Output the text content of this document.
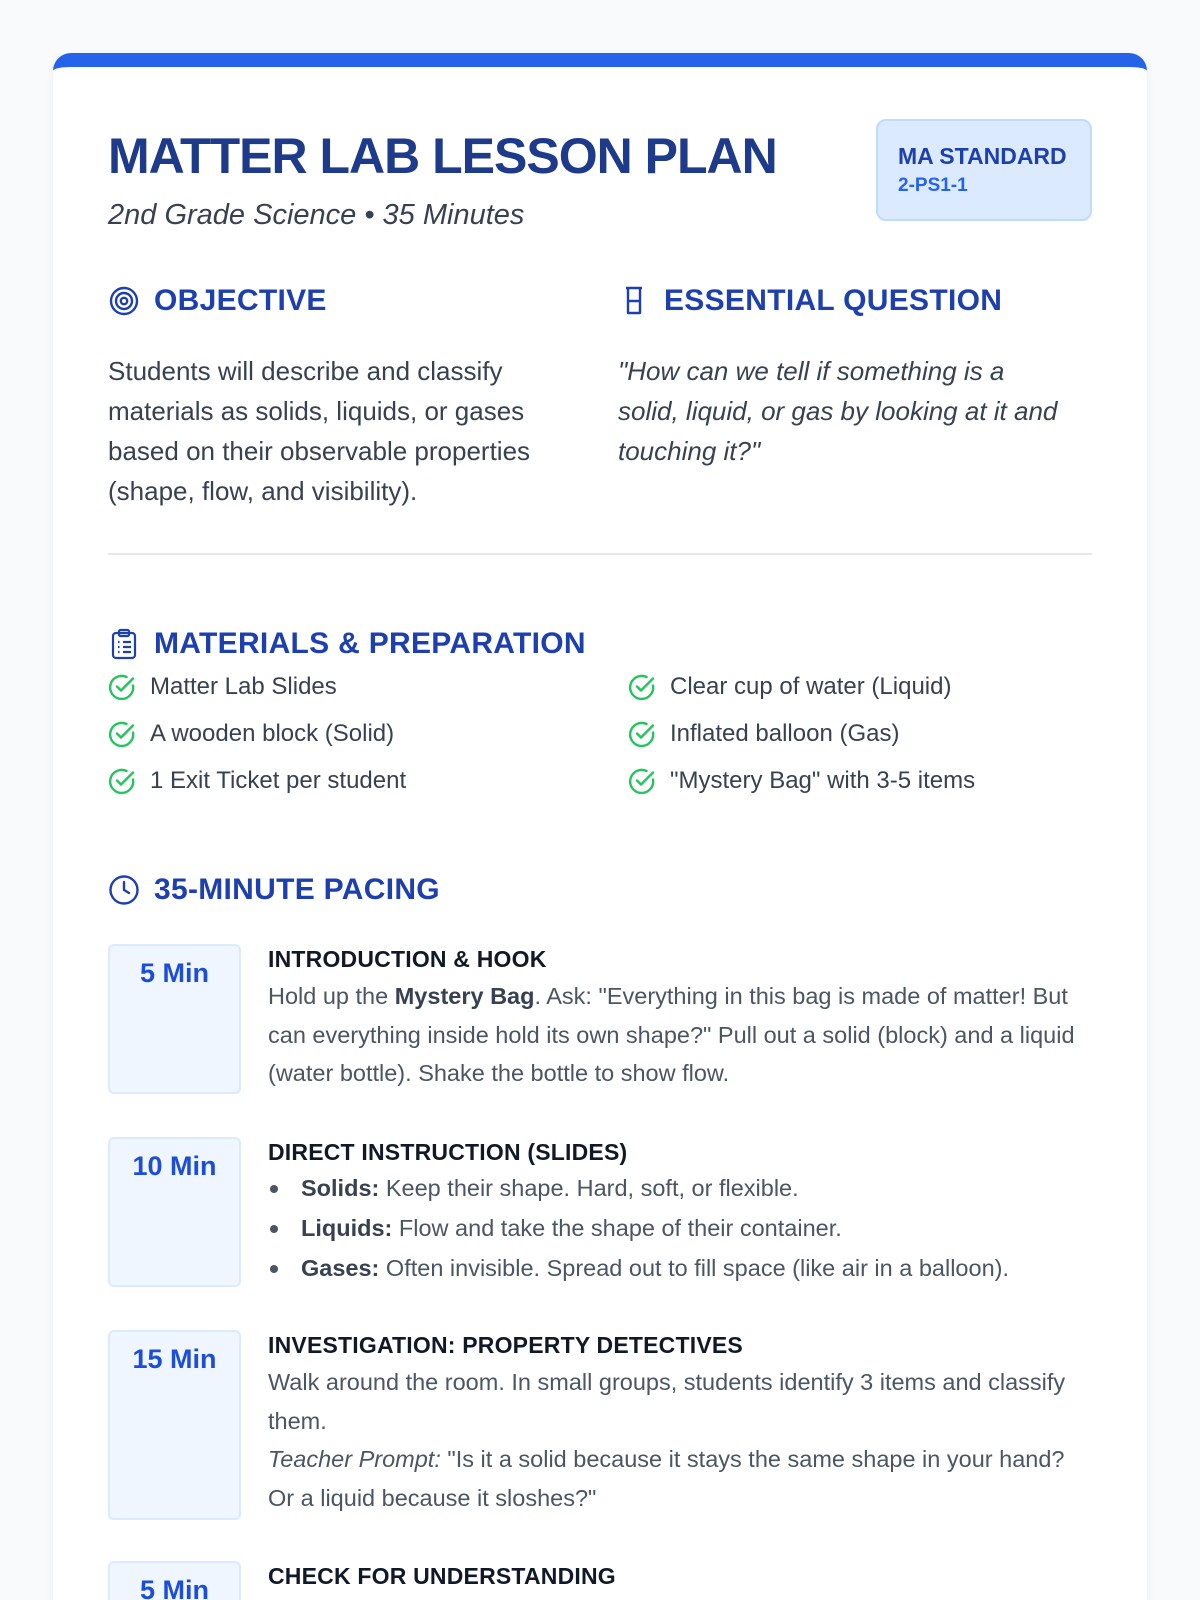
MATTER LAB LESSON PLAN
2nd Grade Science • 35 Minutes
MA STANDARD
2-PS1-1
OBJECTIVE

Students will describe and classify materials as solids, liquids, or gases based on their observable properties (shape, flow, and visibility).

ESSENTIAL QUESTION

"How can we tell if something is a solid, liquid, or gas by looking at it and touching it?"

MATERIALS & PREPARATION
Matter Lab Slides
A wooden block (Solid)
1 Exit Ticket per student
Clear cup of water (Liquid)
Inflated balloon (Gas)
"Mystery Bag" with 3-5 items
35-MINUTE PACING
5 Min	INTRODUCTION & HOOK

Hold up the Mystery Bag. Ask: "Everything in this bag is made of matter! But can everything inside hold its own shape?" Pull out a solid (block) and a liquid (water bottle). Shake the bottle to show flow.

10 Min	DIRECT INSTRUCTION (SLIDES)
Solids: Keep their shape. Hard, soft, or flexible.
Liquids: Flow and take the shape of their container.
Gases: Often invisible. Spread out to fill space (like air in a balloon).
15 Min	INVESTIGATION: PROPERTY DETECTIVES

Walk around the room. In small groups, students identify 3 items and classify them.

Teacher Prompt: "Is it a solid because it stays the same shape in your hand? Or a liquid because it sloshes?"

5 Min	CHECK FOR UNDERSTANDING
